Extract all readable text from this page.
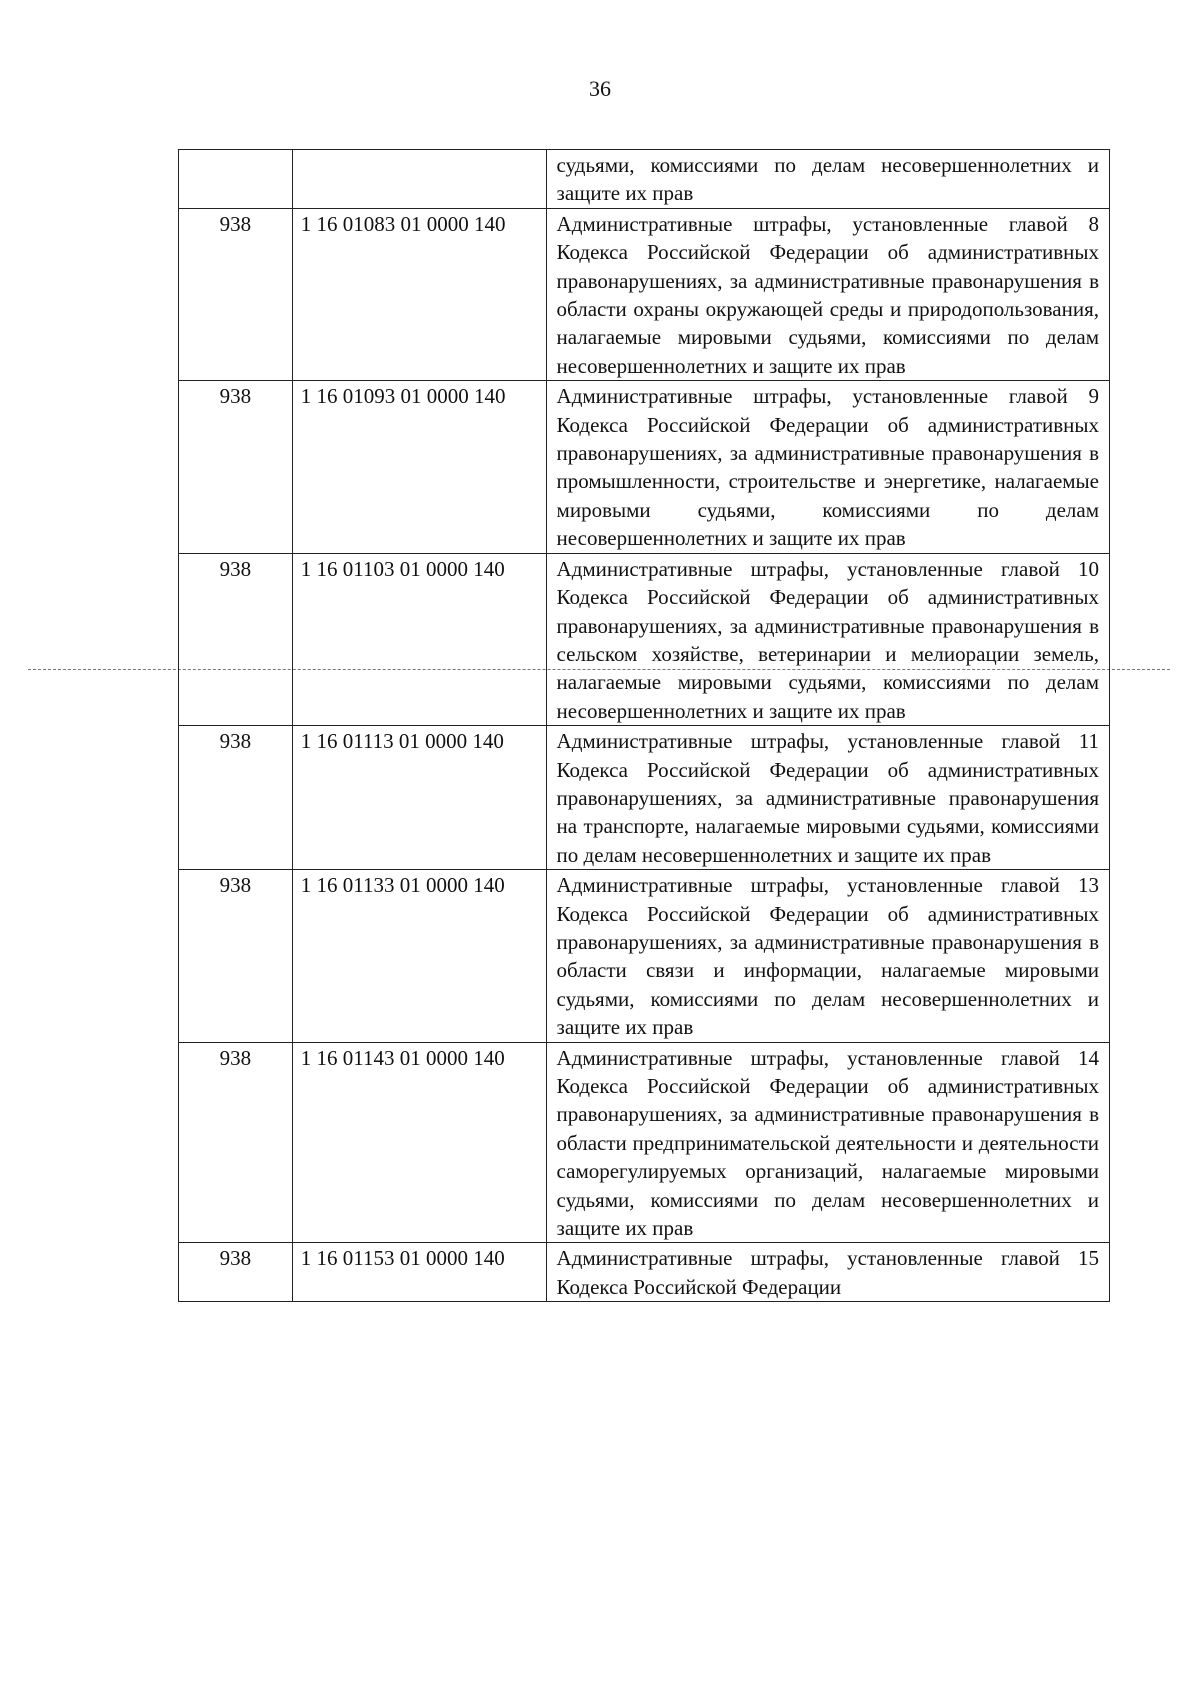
36

		судьями, комиссиями по делам несовершеннолетних и защите их прав

938	1 16 01083 01 0000 140	Административные штрафы, установленные главой 8 Кодекса Российской Федерации об административных правонарушениях, за административные правонарушения в области охраны окружающей среды и природопользования, налагаемые мировыми судьями, комиссиями по делам несовершеннолетних и защите их прав

938	1 16 01093 01 0000 140	Административные штрафы, установленные главой 9 Кодекса Российской Федерации об административных правонарушениях, за административные правонарушения в промышленности, строительстве и энергетике, налагаемые мировыми судьями, комиссиями по делам несовершеннолетних и защите их прав

938	1 16 01103 01 0000 140	Административные штрафы, установленные главой 10 Кодекса Российской Федерации об административных правонарушениях, за административные правонарушения в сельском хозяйстве, ветеринарии и мелиорации земель, налагаемые мировыми судьями, комиссиями по делам несовершеннолетних и защите их прав

938	1 16 01113 01 0000 140	Административные штрафы, установленные главой 11 Кодекса Российской Федерации об административных правонарушениях, за административные правонарушения на транспорте, налагаемые мировыми судьями, комиссиями по делам несовершеннолетних и защите их прав

938	1 16 01133 01 0000 140	Административные штрафы, установленные главой 13 Кодекса Российской Федерации об административных правонарушениях, за административные правонарушения в области связи и информации, налагаемые мировыми судьями, комиссиями по делам несовершеннолетних и защите их прав

938	1 16 01143 01 0000 140	Административные штрафы, установленные главой 14 Кодекса Российской Федерации об административных правонарушениях, за административные правонарушения в области предпринимательской деятельности и деятельности саморегулируемых организаций, налагаемые мировыми судьями, комиссиями по делам несовершеннолетних и защите их прав

938	1 16 01153 01 0000 140	Административные штрафы, установленные главой 15 Кодекса Российской Федерации
